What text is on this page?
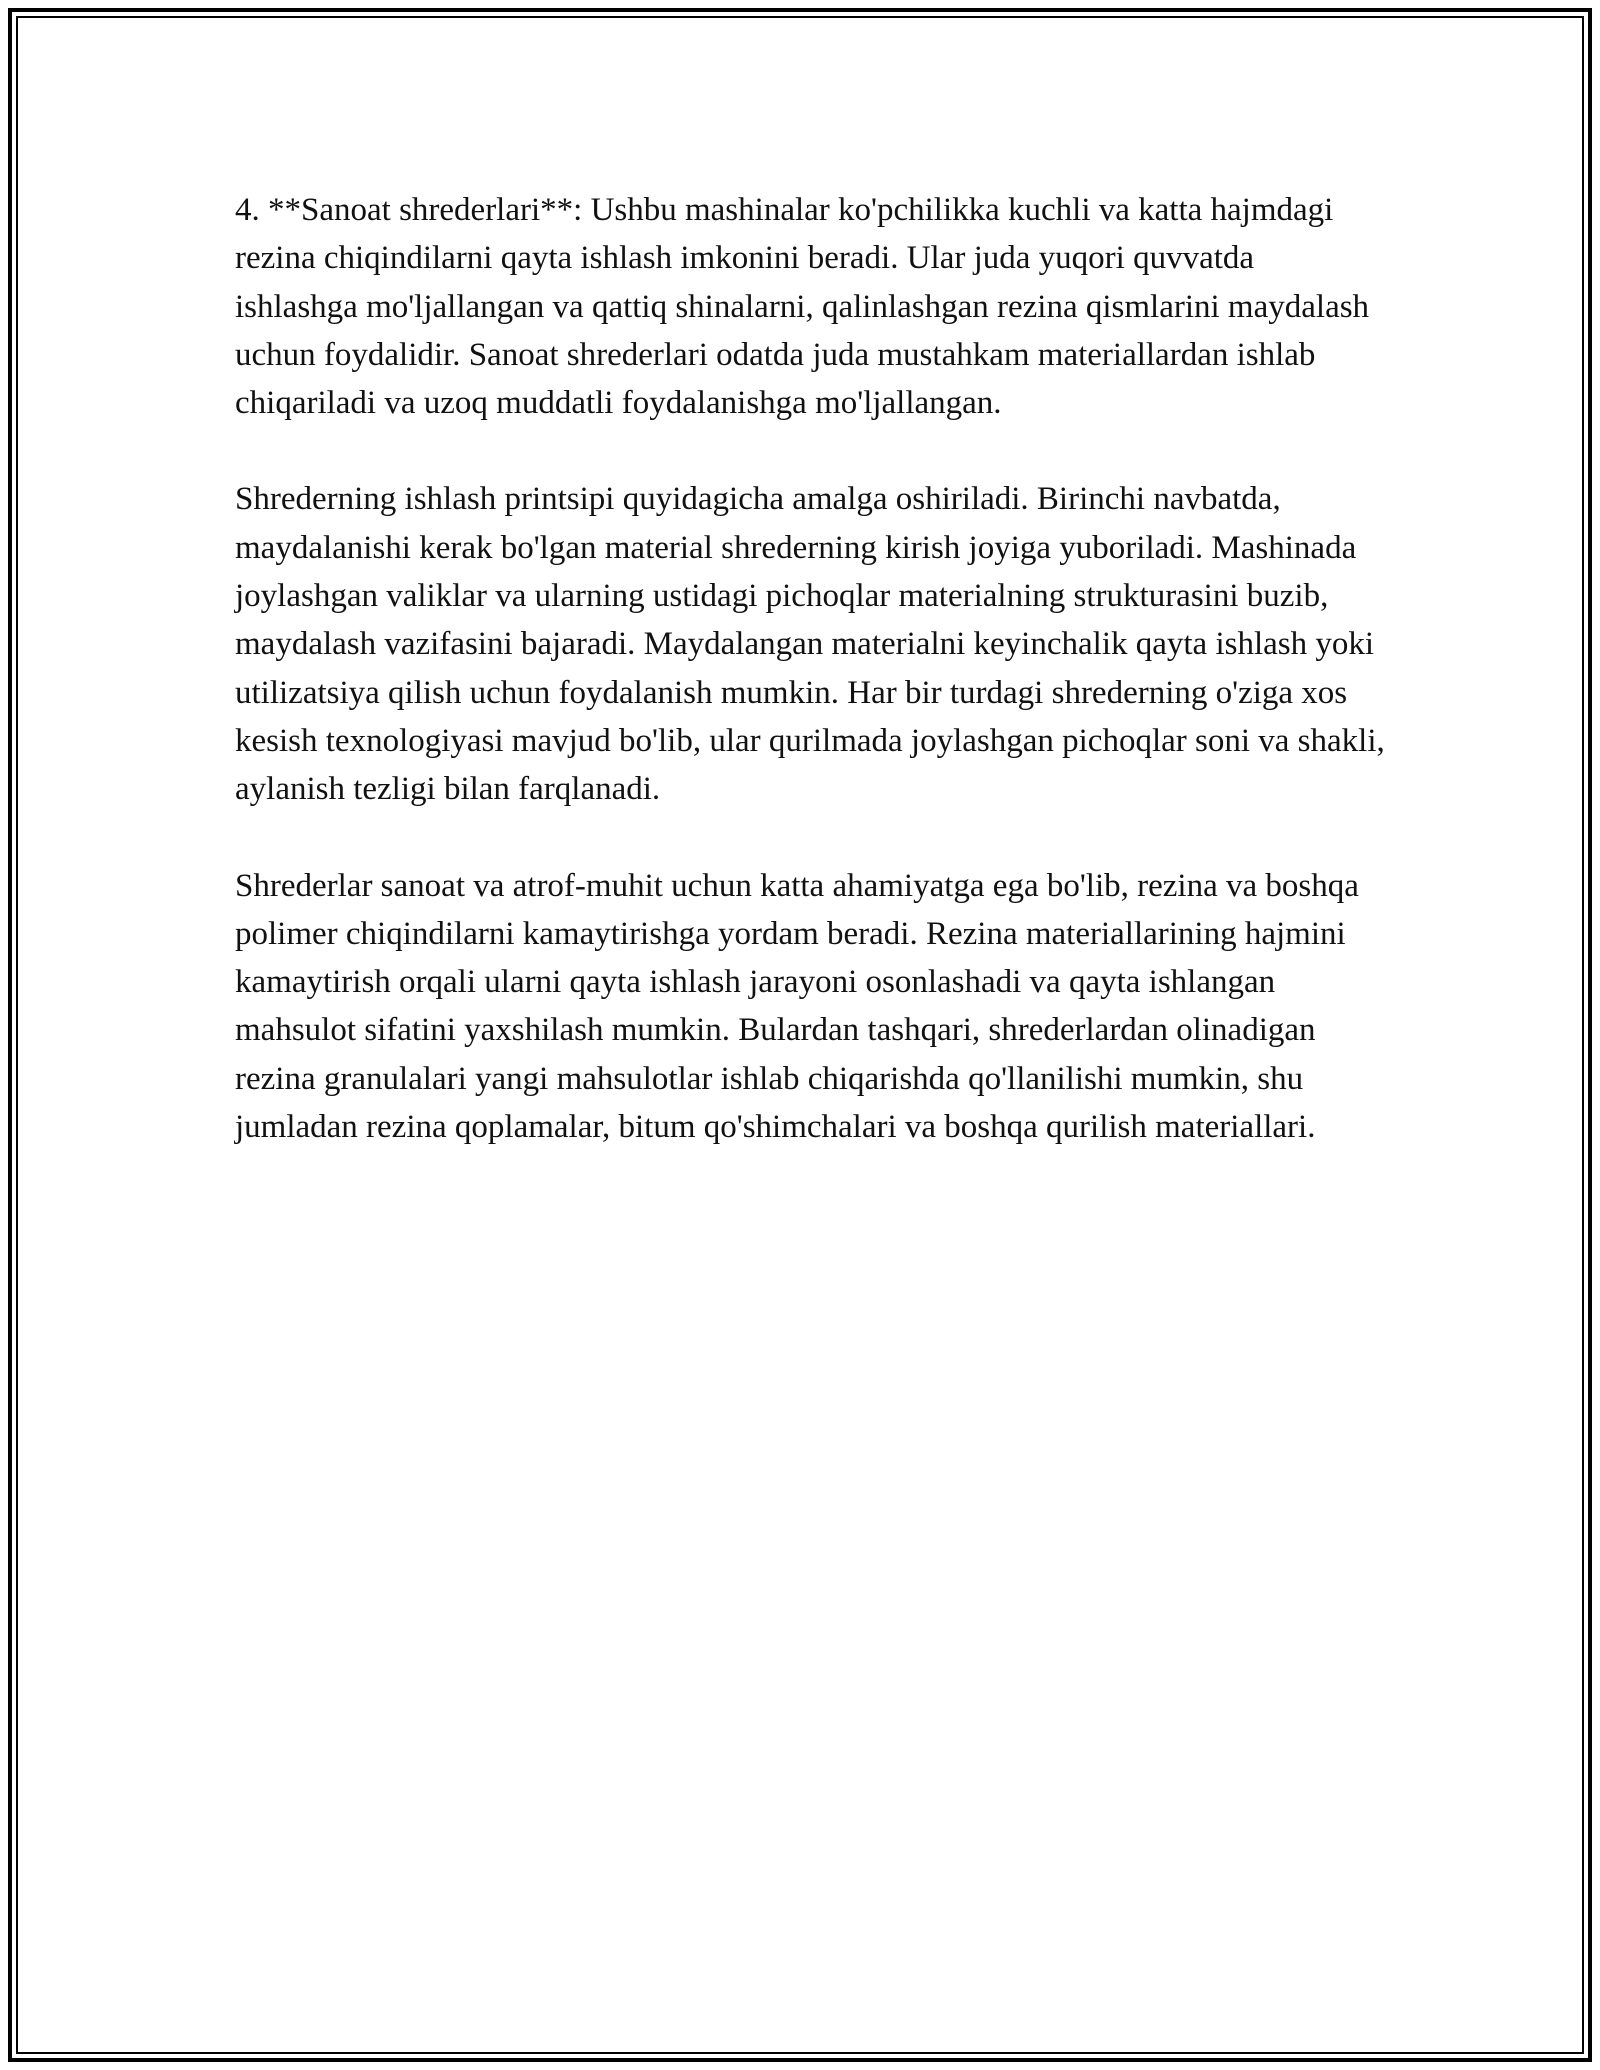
4. **Sanoat shrederlari**: Ushbu mashinalar ko'pchilikka kuchli va katta hajmdagi rezina chiqindilarni qayta ishlash imkonini beradi. Ular juda yuqori quvvatda ishlashga mo'ljallangan va qattiq shinalarni, qalinlashgan rezina qismlarini maydalash uchun foydalidir. Sanoat shrederlari odatda juda mustahkam materiallardan ishlab chiqariladi va uzoq muddatli foydalanishga mo'ljallangan.

Shrederning ishlash printsipi quyidagicha amalga oshiriladi. Birinchi navbatda, maydalanishi kerak bo'lgan material shrederning kirish joyiga yuboriladi. Mashinada joylashgan valiklar va ularning ustidagi pichoqlar materialning strukturasini buzib, maydalash vazifasini bajaradi. Maydalangan materialni keyinchalik qayta ishlash yoki utilizatsiya qilish uchun foydalanish mumkin. Har bir turdagi shrederning o'ziga xos kesish texnologiyasi mavjud bo'lib, ular qurilmada joylashgan pichoqlar soni va shakli, aylanish tezligi bilan farqlanadi.

Shrederlar sanoat va atrof-muhit uchun katta ahamiyatga ega bo'lib, rezina va boshqa polimer chiqindilarni kamaytirishga yordam beradi. Rezina materiallarining hajmini kamaytirish orqali ularni qayta ishlash jarayoni osonlashadi va qayta ishlangan mahsulot sifatini yaxshilash mumkin. Bulardan tashqari, shrederlardan olinadigan rezina granulalari yangi mahsulotlar ishlab chiqarishda qo'llanilishi mumkin, shu jumladan rezina qoplamalar, bitum qo'shimchalari va boshqa qurilish materiallari.
